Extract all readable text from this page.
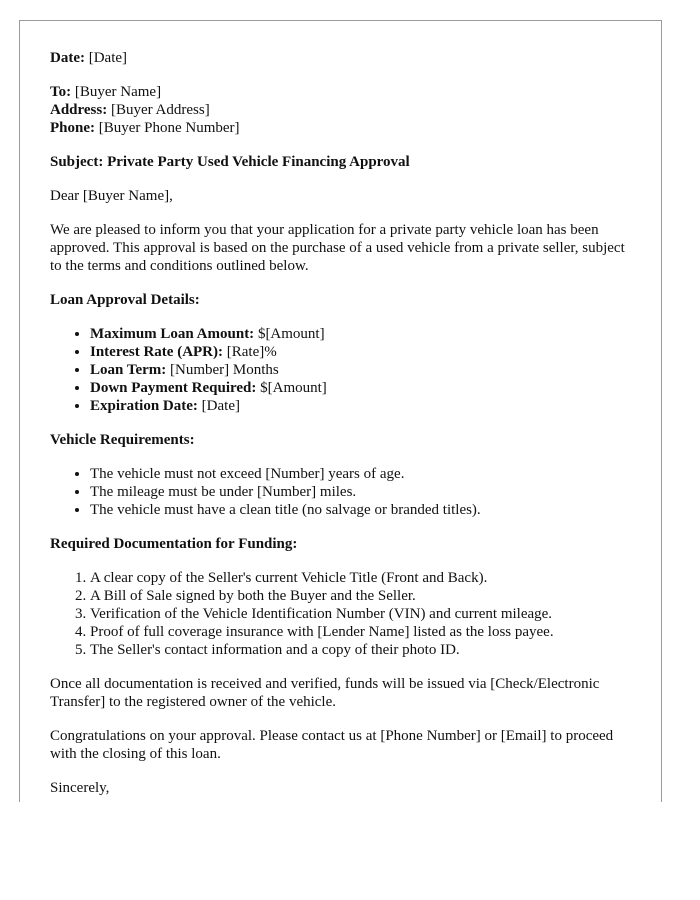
Date: [Date]

To: [Buyer Name]

Address: [Buyer Address]

Phone: [Buyer Phone Number]

Subject: Private Party Used Vehicle Financing Approval

Dear [Buyer Name],

We are pleased to inform you that your application for a private party vehicle loan has been approved. This approval is based on the purchase of a used vehicle from a private seller, subject to the terms and conditions outlined below.

Loan Approval Details:

• Maximum Loan Amount: $[Amount]
• Interest Rate (APR): [Rate]%
• Loan Term: [Number] Months
• Down Payment Required: $[Amount]
• Expiration Date: [Date]

Vehicle Requirements:

• The vehicle must not exceed [Number] years of age.
• The mileage must be under [Number] miles.
• The vehicle must have a clean title (no salvage or branded titles).

Required Documentation for Funding:

1. A clear copy of the Seller's current Vehicle Title (Front and Back).
2. A Bill of Sale signed by both the Buyer and the Seller.
3. Verification of the Vehicle Identification Number (VIN) and current mileage.
4. Proof of full coverage insurance with [Lender Name] listed as the loss payee.
5. The Seller's contact information and a copy of their photo ID.

Once all documentation is received and verified, funds will be issued via [Check/Electronic Transfer] to the registered owner of the vehicle.

Congratulations on your approval. Please contact us at [Phone Number] or [Email] to proceed with the closing of this loan.

Sincerely,
